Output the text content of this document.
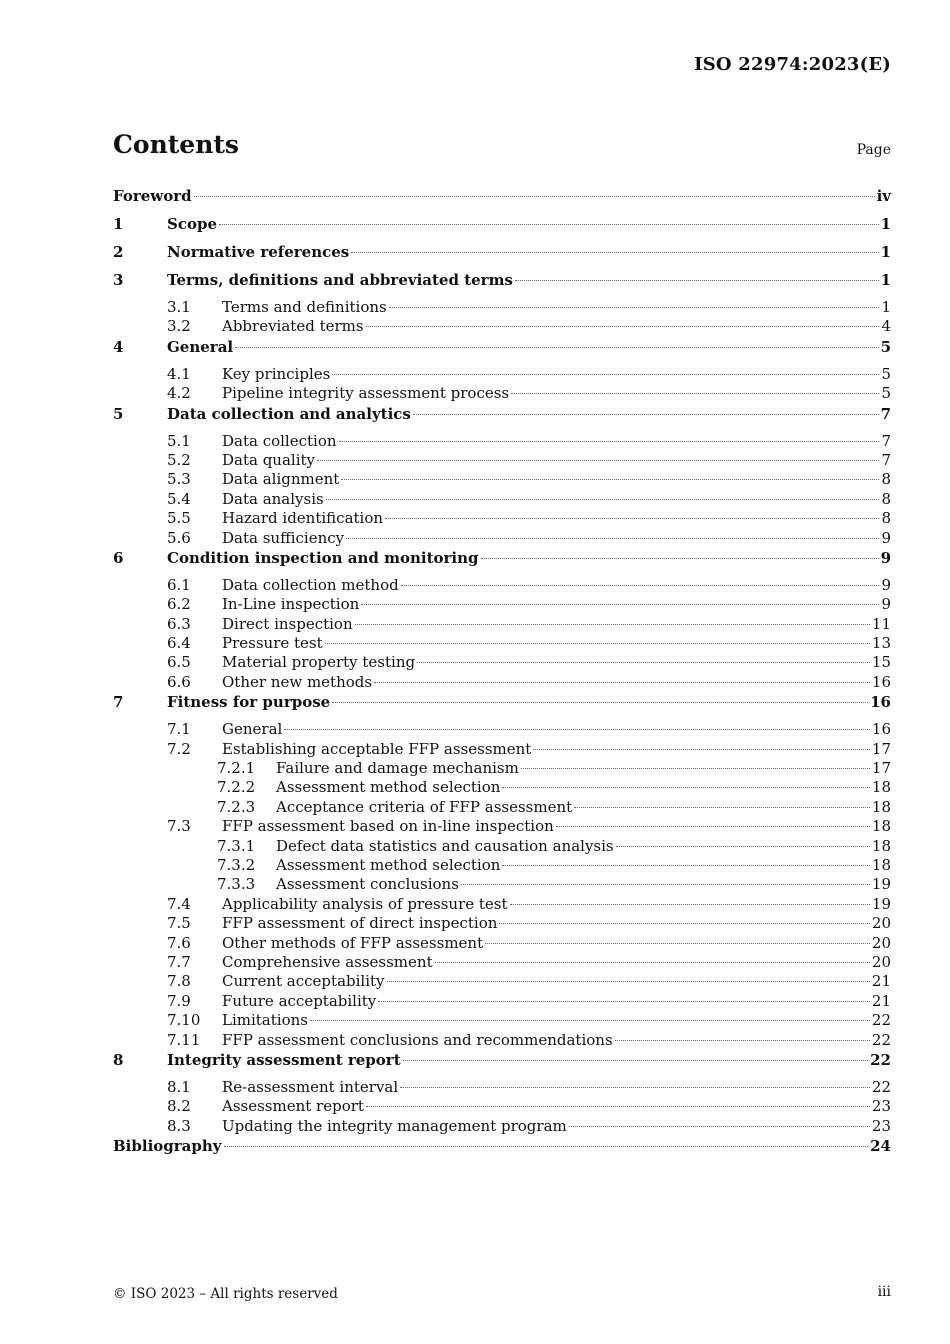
ISO 22974:2023(E)
Contents	Page
Foreword	iv
1	Scope	1
2	Normative references	1
3	Terms, definitions and abbreviated terms	1
3.1 Terms and definitions	1
3.2 Abbreviated terms	4
4	General	5
4.1 Key principles	5
4.2 Pipeline integrity assessment process	5
5	Data collection and analytics	7
5.1 Data collection	7
5.2 Data quality	7
5.3 Data alignment	8
5.4 Data analysis	8
5.5 Hazard identification	8
5.6 Data sufficiency	9
6	Condition inspection and monitoring	9
6.1 Data collection method	9
6.2 In-Line inspection	9
6.3 Direct inspection	11
6.4 Pressure test	13
6.5 Material property testing	15
6.6 Other new methods	16
7	Fitness for purpose	16
7.1 General	16
7.2 Establishing acceptable FFP assessment	17
7.2.1 Failure and damage mechanism	17
7.2.2 Assessment method selection	18
7.2.3 Acceptance criteria of FFP assessment	18
7.3 FFP assessment based on in-line inspection	18
7.3.1 Defect data statistics and causation analysis	18
7.3.2 Assessment method selection	18
7.3.3 Assessment conclusions	19
7.4 Applicability analysis of pressure test	19
7.5 FFP assessment of direct inspection	20
7.6 Other methods of FFP assessment	20
7.7 Comprehensive assessment	20
7.8 Current acceptability	21
7.9 Future acceptability	21
7.10 Limitations	22
7.11 FFP assessment conclusions and recommendations	22
8	Integrity assessment report	22
8.1 Re-assessment interval	22
8.2 Assessment report	23
8.3 Updating the integrity management program	23
Bibliography	24
© ISO 2023 – All rights reserved	iii
